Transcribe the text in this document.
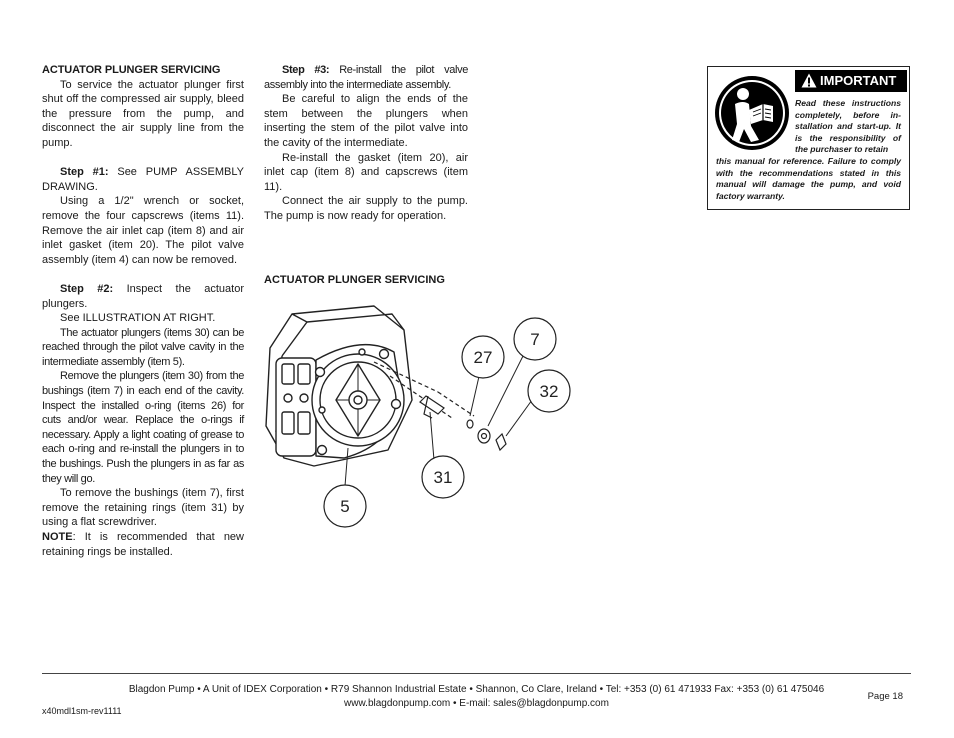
ACTUATOR PLUNGER SERVICING

To service the actuator plunger first shut off the compressed air supply, bleed the pressure from the pump, and disconnect the air supply line from the pump.

Step #1: See PUMP ASSEMBLY DRAWING.

Using a 1/2" wrench or socket, remove the four capscrews (items 11). Remove the air inlet cap (item 8) and air inlet gasket (item 20). The pilot valve assembly (item 4) can now be removed.

Step #2: Inspect the actuator plungers.

See ILLUSTRATION AT RIGHT.

The actuator plungers (items 30) can be reached through the pilot valve cavity in the intermediate assembly (item 5).

Remove the plungers (item 30) from the bushings (item 7) in each end of the cavity. Inspect the installed o-ring (items 26) for cuts and/or wear. Replace the o-rings if necessary. Apply a light coating of grease to each o-ring and re-install the plungers in to the bushings. Push the plungers in as far as they will go.

To remove the bushings (item 7), first remove the retaining rings (item 31) by using a flat screwdriver.

NOTE: It is recommended that new retaining rings be installed.

Step #3: Re-install the pilot valve assembly into the intermediate assembly.

Be careful to align the ends of the stem between the plungers when inserting the stem of the pilot valve into the cavity of the intermediate.

Re-install the gasket (item 20), air inlet cap (item 8) and capscrews (item 11).

Connect the air supply to the pump. The pump is now ready for operation.

ACTUATOR PLUNGER SERVICING
IMPORTANT
Read these instructions completely, before in-stallation and start-up. It is the responsibility of the purchaser to retain
this manual for reference. Failure to comply with the recommendations stated in this manual will damage the pump, and void factory warranty.
27
7
32
31
5
Blagdon Pump • A Unit of IDEX Corporation • R79 Shannon Industrial Estate • Shannon, Co Clare, Ireland • Tel: +353 (0) 61 471933 Fax: +353 (0) 61 475046
www.blagdonpump.com • E-mail: sales@blagdonpump.com
Page 18
x40mdl1sm-rev1111
